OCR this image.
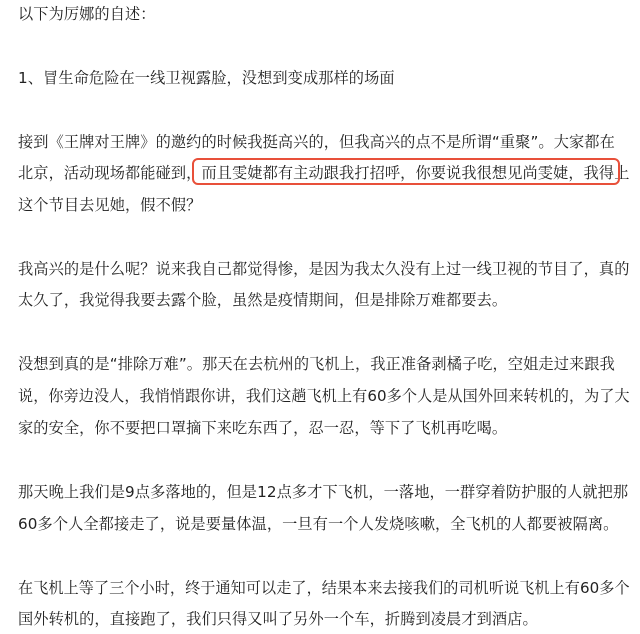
以下为厉娜的自述：
1、冒生命危险在一线卫视露脸，没想到变成那样的场面
接到《王牌对王牌》的邀约的时候我挺高兴的，但我高兴的点不是所谓“重聚”。大家都在
北京，活动现场都能碰到，而且雯婕都有主动跟我打招呼，你要说我很想见尚雯婕，我得上
这个节目去见她，假不假？
我高兴的是什么呢？说来我自己都觉得惨，是因为我太久没有上过一线卫视的节目了，真的
太久了，我觉得我要去露个脸，虽然是疫情期间，但是排除万难都要去。
没想到真的是“排除万难”。那天在去杭州的飞机上，我正准备剥橘子吃，空姐走过来跟我
说，你旁边没人，我悄悄跟你讲，我们这趟飞机上有60多个人是从国外回来转机的，为了大
家的安全，你不要把口罩摘下来吃东西了，忍一忍，等下了飞机再吃喝。
那天晚上我们是9点多落地的，但是12点多才下飞机，一落地，一群穿着防护服的人就把那
60多个人全都接走了，说是要量体温，一旦有一个人发烧咳嗽，全飞机的人都要被隔离。
在飞机上等了三个小时，终于通知可以走了，结果本来去接我们的司机听说飞机上有60多个
国外转机的，直接跑了，我们只得又叫了另外一个车，折腾到凌晨才到酒店。
